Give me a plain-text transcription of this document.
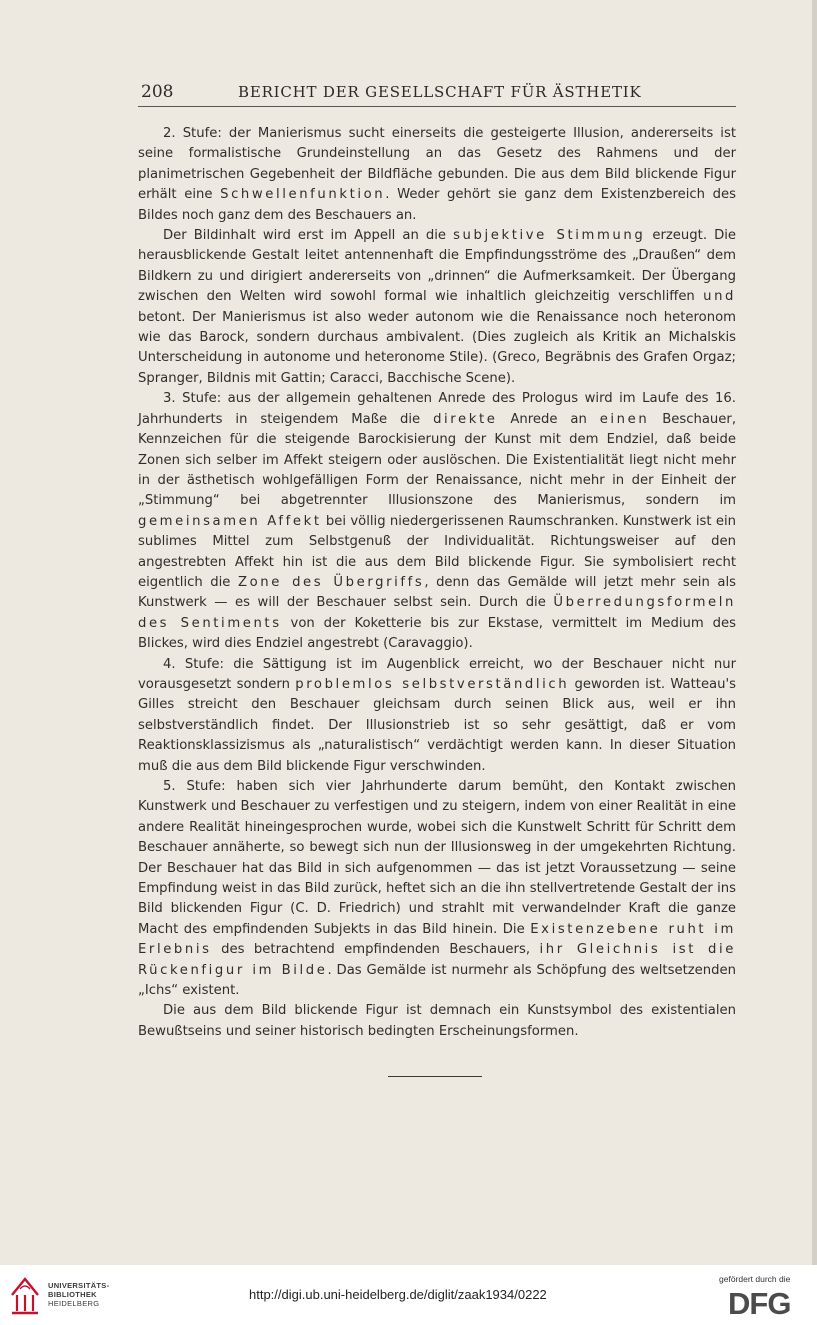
208	BERICHT DER GESELLSCHAFT FÜR ÄSTHETIK

2. Stufe: der Manierismus sucht einerseits die gesteigerte Illusion, andererseits ist seine formalistische Grundeinstellung an das Gesetz des Rahmens und der planimetrischen Gegebenheit der Bildfläche gebunden. Die aus dem Bild blickende Figur erhält eine Schwellenfunktion. Weder gehört sie ganz dem Existenzbereich des Bildes noch ganz dem des Beschauers an.

Der Bildinhalt wird erst im Appell an die subjektive Stimmung erzeugt. Die herausblickende Gestalt leitet antennenhaft die Empfindungsströme des „Draußen“ dem Bildkern zu und dirigiert andererseits von „drinnen“ die Aufmerksamkeit. Der Übergang zwischen den Welten wird sowohl formal wie inhaltlich gleichzeitig verschliffen und betont. Der Manierismus ist also weder autonom wie die Renaissance noch heteronom wie das Barock, sondern durchaus ambivalent. (Dies zugleich als Kritik an Michalskis Unterscheidung in autonome und heteronome Stile). (Greco, Begräbnis des Grafen Orgaz; Spranger, Bildnis mit Gattin; Caracci, Bacchische Scene).

3. Stufe: aus der allgemein gehaltenen Anrede des Prologus wird im Laufe des 16. Jahrhunderts in steigendem Maße die direkte Anrede an einen Beschauer, Kennzeichen für die steigende Barockisierung der Kunst mit dem Endziel, daß beide Zonen sich selber im Affekt steigern oder auslöschen. Die Existentialität liegt nicht mehr in der ästhetisch wohlgefälligen Form der Renaissance, nicht mehr in der Einheit der „Stimmung“ bei abgetrennter Illusionszone des Manierismus, sondern im gemeinsamen Affekt bei völlig niedergerissenen Raumschranken. Kunstwerk ist ein sublimes Mittel zum Selbstgenuß der Individualität. Richtungsweiser auf den angestrebten Affekt hin ist die aus dem Bild blickende Figur. Sie symbolisiert recht eigentlich die Zone des Übergriffs, denn das Gemälde will jetzt mehr sein als Kunstwerk — es will der Beschauer selbst sein. Durch die Überredungsformeln des Sentiments von der Koketterie bis zur Ekstase, vermittelt im Medium des Blickes, wird dies Endziel angestrebt (Caravaggio).

4. Stufe: die Sättigung ist im Augenblick erreicht, wo der Beschauer nicht nur vorausgesetzt sondern problemlos selbstverständlich geworden ist. Watteau's Gilles streicht den Beschauer gleichsam durch seinen Blick aus, weil er ihn selbstverständlich findet. Der Illusionstrieb ist so sehr gesättigt, daß er vom Reaktionsklassizismus als „naturalistisch“ verdächtigt werden kann. In dieser Situation muß die aus dem Bild blickende Figur verschwinden.

5. Stufe: haben sich vier Jahrhunderte darum bemüht, den Kontakt zwischen Kunstwerk und Beschauer zu verfestigen und zu steigern, indem von einer Realität in eine andere Realität hineingesprochen wurde, wobei sich die Kunstwelt Schritt für Schritt dem Beschauer annäherte, so bewegt sich nun der Illusionsweg in der umgekehrten Richtung. Der Beschauer hat das Bild in sich aufgenommen — das ist jetzt Voraussetzung — seine Empfindung weist in das Bild zurück, heftet sich an die ihn stellvertretende Gestalt der ins Bild blickenden Figur (C. D. Friedrich) und strahlt mit verwandelnder Kraft die ganze Macht des empfindenden Subjekts in das Bild hinein. Die Existenzebene ruht im Erlebnis des betrachtend empfindenden Beschauers, ihr Gleichnis ist die Rückenfigur im Bilde. Das Gemälde ist nurmehr als Schöpfung des weltsetzenden „Ichs“ existent.

Die aus dem Bild blickende Figur ist demnach ein Kunstsymbol des existentialen Bewußtseins und seiner historisch bedingten Erscheinungsformen.

UNIVERSITÄTS-
BIBLIOTHEK
HEIDELBERG
http://digi.ub.uni-heidelberg.de/diglit/zaak1934/0222
gefördert durch die
DFG
